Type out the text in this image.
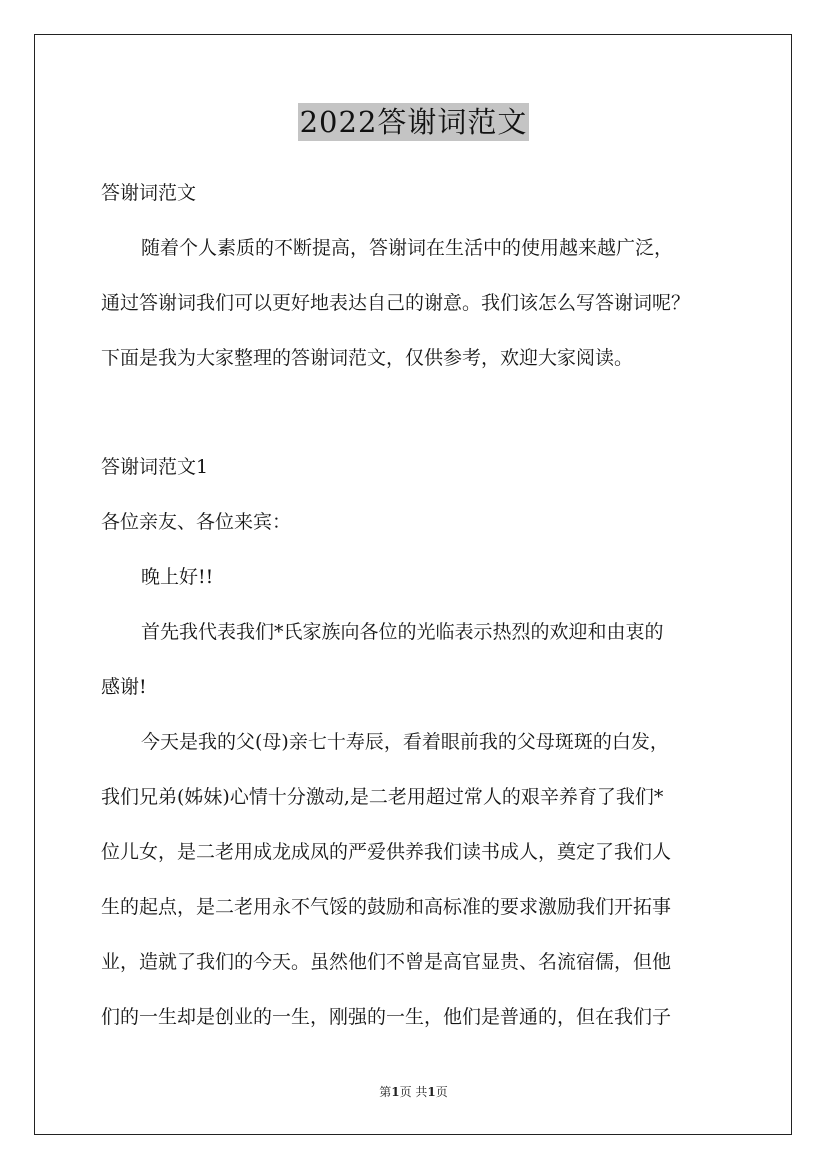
2022答谢词范文
答谢词范文
随着个人素质的不断提高，答谢词在生活中的使用越来越广泛，
通过答谢词我们可以更好地表达自己的谢意。我们该怎么写答谢词呢？
下面是我为大家整理的答谢词范文，仅供参考，欢迎大家阅读。
答谢词范文1
各位亲友、各位来宾：
晚上好!!
首先我代表我们*氏家族向各位的光临表示热烈的欢迎和由衷的
感谢!
今天是我的父(母)亲七十寿辰，看着眼前我的父母斑斑的白发，
我们兄弟(姊妹)心情十分激动,是二老用超过常人的艰辛养育了我们*
位儿女，是二老用成龙成凤的严爱供养我们读书成人，奠定了我们人
生的起点，是二老用永不气馁的鼓励和高标准的要求激励我们开拓事
业，造就了我们的今天。虽然他们不曾是高官显贵、名流宿儒，但他
们的一生却是创业的一生，刚强的一生，他们是普通的，但在我们子
第1页 共1页
